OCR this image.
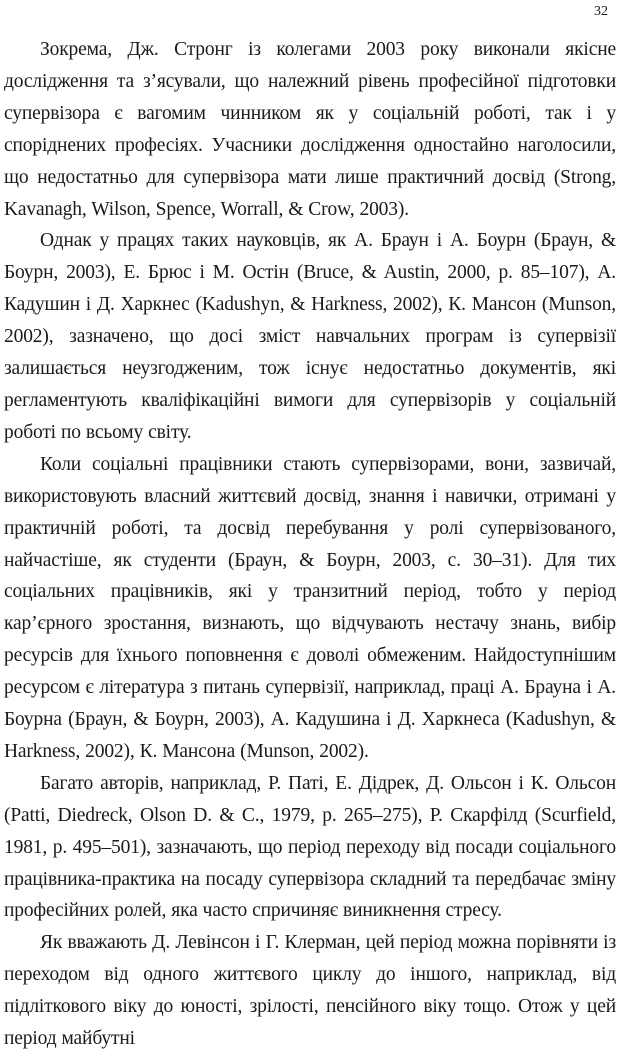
32

Зокрема, Дж. Стронг із колегами 2003 року виконали якісне дослідження та з’ясували, що належний рівень професійної підготовки супервізора є вагомим чинником як у соціальній роботі, так і у споріднених професіях. Учасники дослідження одностайно наголосили, що недостатньо для супервізора мати лише практичний досвід (Strong, Kavanagh, Wilson, Spence, Worrall, & Crow, 2003).

Однак у працях таких науковців, як А. Браун і А. Боурн (Браун, & Боурн, 2003), Е. Брюс і М. Остін (Bruce, & Austin, 2000, p. 85–107), А. Кадушин і Д. Харкнес (Kadushyn, & Harkness, 2002), К. Мансон (Munson, 2002), зазначено, що досі зміст навчальних програм із супервізії залишається неузгодженим, тож існує недостатньо документів, які регламентують кваліфікаційні вимоги для супервізорів у соціальній роботі по всьому світу.

Коли соціальні працівники стають супервізорами, вони, зазвичай, використовують власний життєвий досвід, знання і навички, отримані у практичній роботі, та досвід перебування у ролі супервізованого, найчастіше, як студенти (Браун, & Боурн, 2003, с. 30–31). Для тих соціальних працівників, які у транзитний період, тобто у період кар’єрного зростання, визнають, що відчувають нестачу знань, вибір ресурсів для їхнього поповнення є доволі обмеженим. Найдоступнішим ресурсом є література з питань супервізії, наприклад, праці А. Брауна і А. Боурна (Браун, & Боурн, 2003), А. Кадушина і Д. Харкнеса (Kadushyn, & Harkness, 2002), К. Мансона (Munson, 2002).

Багато авторів, наприклад, Р. Паті, Е. Дідрек, Д. Ольсон і К. Ольсон (Patti, Diedreck, Olson D. & C., 1979, p. 265–275), Р. Скарфілд (Scurfield, 1981, p. 495–501), зазначають, що період переходу від посади соціального працівника-практика на посаду супервізора складний та передбачає зміну професійних ролей, яка часто спричиняє виникнення стресу.

Як вважають Д. Левінсон і Г. Клерман, цей період можна порівняти із переходом від одного життєвого циклу до іншого, наприклад, від підліткового віку до юності, зрілості, пенсійного віку тощо. Отож у цей період майбутні
